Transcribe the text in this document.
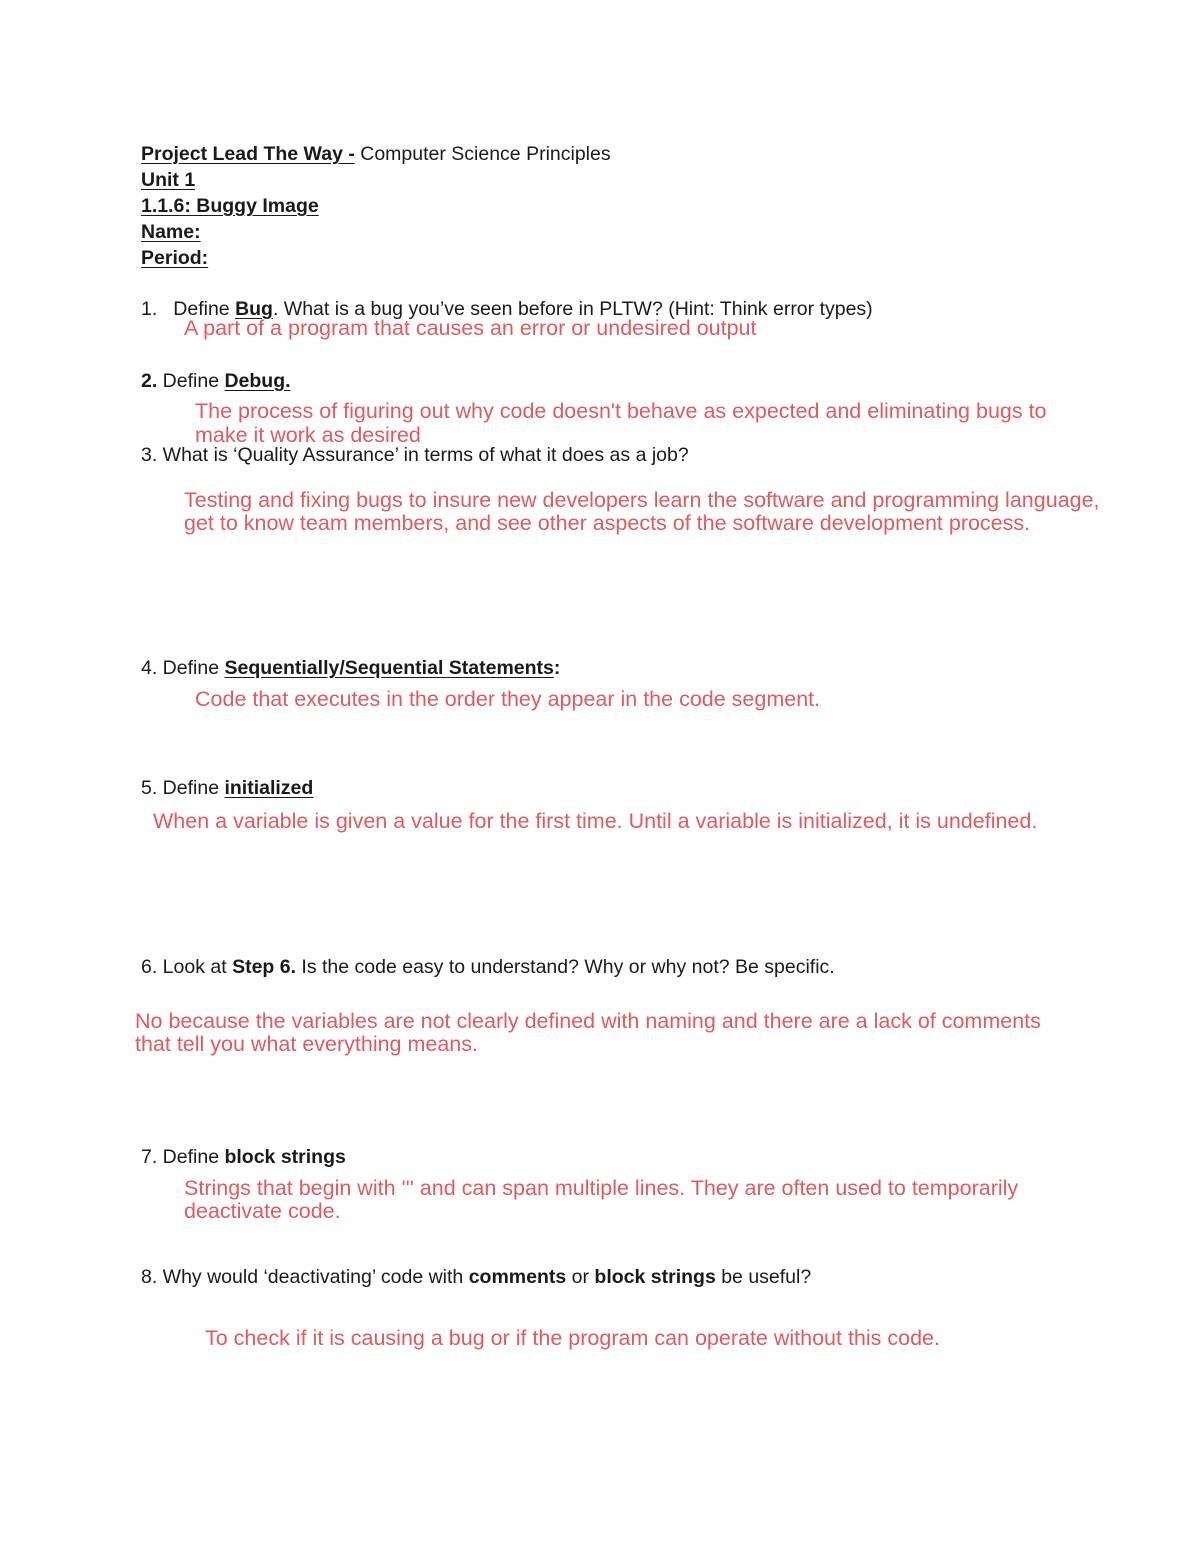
Project Lead The Way - Computer Science Principles
Unit 1
1.1.6: Buggy Image
Name:
Period:
1. Define Bug. What is a bug you’ve seen before in PLTW? (Hint: Think error types)
A part of a program that causes an error or undesired output
2. Define Debug.
The process of figuring out why code doesn't behave as expected and eliminating bugs to
make it work as desired
3. What is ‘Quality Assurance’ in terms of what it does as a job?
Testing and fixing bugs to insure new developers learn the software and programming language,
get to know team members, and see other aspects of the software development process.
4. Define Sequentially/Sequential Statements:
Code that executes in the order they appear in the code segment.
5. Define initialized
When a variable is given a value for the first time. Until a variable is initialized, it is undefined.
6. Look at Step 6. Is the code easy to understand? Why or why not? Be specific.
No because the variables are not clearly defined with naming and there are a lack of comments
that tell you what everything means.
7. Define block strings
Strings that begin with ''' and can span multiple lines. They are often used to temporarily
deactivate code.
8. Why would ‘deactivating’ code with comments or block strings be useful?
To check if it is causing a bug or if the program can operate without this code.
